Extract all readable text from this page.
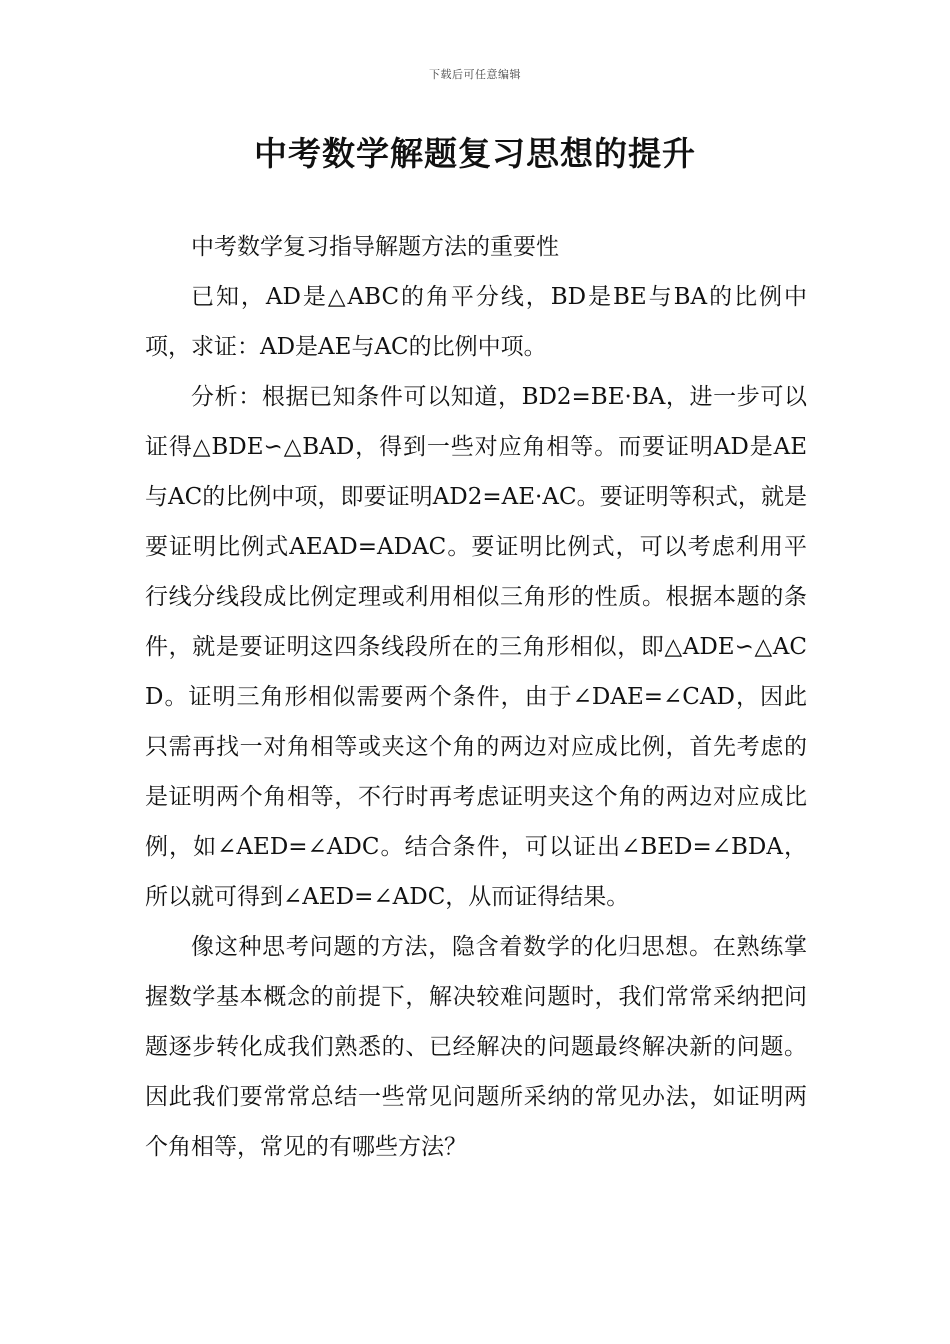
下载后可任意编辑
中考数学解题复习思想的提升

中考数学复习指导解题方法的重要性

已知，AD是△ABC的角平分线，BD是BE与BA的比例中项，求证：AD是AE与AC的比例中项。

分析：根据已知条件可以知道，BD2=BE·BA，进一步可以证得△BDE∽△BAD，得到一些对应角相等。而要证明AD是AE与AC的比例中项，即要证明AD2=AE·AC。要证明等积式，就是要证明比例式AEAD=ADAC。要证明比例式，可以考虑利用平行线分线段成比例定理或利用相似三角形的性质。根据本题的条件，就是要证明这四条线段所在的三角形相似，即△ADE∽△ACD。证明三角形相似需要两个条件，由于∠DAE=∠CAD，因此只需再找一对角相等或夹这个角的两边对应成比例，首先考虑的是证明两个角相等，不行时再考虑证明夹这个角的两边对应成比例，如∠AED=∠ADC。结合条件，可以证出∠BED=∠BDA，所以就可得到∠AED=∠ADC，从而证得结果。

像这种思考问题的方法，隐含着数学的化归思想。在熟练掌握数学基本概念的前提下，解决较难问题时，我们常常采纳把问题逐步转化成我们熟悉的、已经解决的问题最终解决新的问题。因此我们要常常总结一些常见问题所采纳的常见办法，如证明两个角相等，常见的有哪些方法？
